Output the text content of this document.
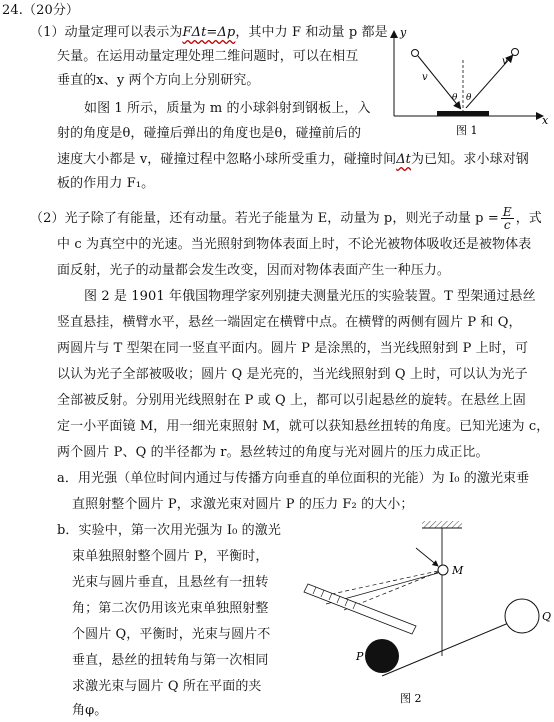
24.（20分）
（1）动量定理可以表示为FΔt=Δp，其中力 F 和动量 p 都是
矢量。在运用动量定理处理二维问题时，可以在相互
垂直的x、y 两个方向上分别研究。
如图 1 所示，质量为 m 的小球斜射到钢板上，入
射的角度是θ，碰撞后弹出的角度也是θ，碰撞前后的
速度大小都是 v，碰撞过程中忽略小球所受重力，碰撞时间Δt为已知。求小球对钢
板的作用力 F₁。
x
y
v
v
θ θ
图 1
（2）光子除了有能量，还有动量。若光子能量为 E，动量为 p，则光子动量 $p = \frac{E}{c}$ ，式
中 c 为真空中的光速。当光照射到物体表面上时，不论光被物体吸收还是被物体表
面反射，光子的动量都会发生改变，因而对物体表面产生一种压力。
图 2 是 1901 年俄国物理学家列别捷夫测量光压的实验装置。T 型架通过悬丝
竖直悬挂，横臂水平，悬丝一端固定在横臂中点。在横臂的两侧有圆片 P 和 Q，
两圆片与 T 型架在同一竖直平面内。圆片 P 是涂黑的，当光线照射到 P 上时，可
以认为光子全部被吸收；圆片 Q 是光亮的，当光线照射到 Q 上时，可以认为光子
全部被反射。分别用光线照射在 P 或 Q 上，都可以引起悬丝的旋转。在悬丝上固
定一小平面镜 M，用一细光束照射 M，就可以获知悬丝扭转的角度。已知光速为 c，
两个圆片 P、Q 的半径都为 r。悬丝转过的角度与光对圆片的压力成正比。
a．用光强（单位时间内通过与传播方向垂直的单位面积的光能）为 I₀ 的激光束垂
直照射整个圆片 P，求激光束对圆片 P 的压力 F₂ 的大小；
b．实验中，第一次用光强为 I₀ 的激光
束单独照射整个圆片 P，平衡时，
光束与圆片垂直，且悬丝有一扭转
角；第二次仍用该光束单独照射整
个圆片 Q，平衡时，光束与圆片不
垂直，悬丝的扭转角与第一次相同
求激光束与圆片 Q 所在平面的夹
角φ。
M
Q
P
图 2
